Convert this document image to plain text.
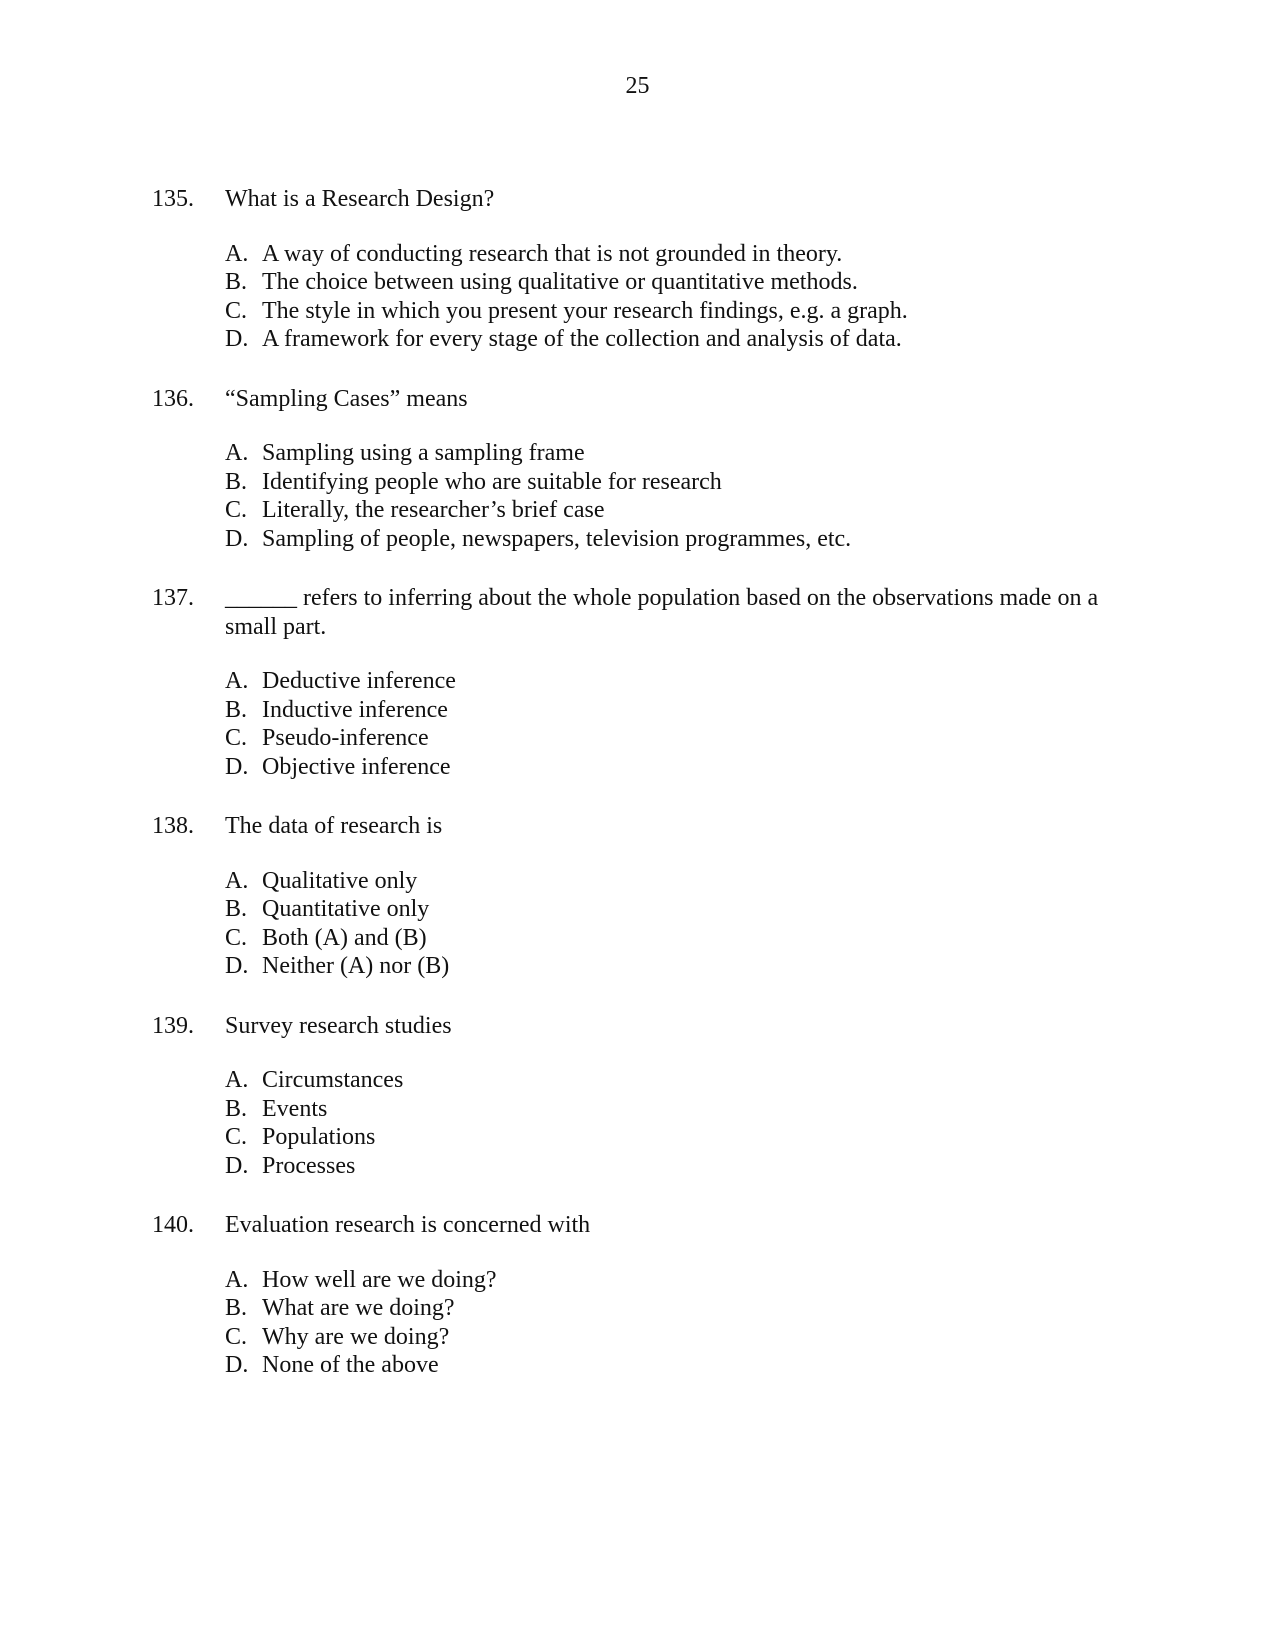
25
135.	What is a Research Design?
A. A way of conducting research that is not grounded in theory.
B. The choice between using qualitative or quantitative methods.
C. The style in which you present your research findings, e.g. a graph.
D. A framework for every stage of the collection and analysis of data.
136.	“Sampling Cases” means
A. Sampling using a sampling frame
B. Identifying people who are suitable for research
C. Literally, the researcher’s brief case
D. Sampling of people, newspapers, television programmes, etc.
137.	______ refers to inferring about the whole population based on the observations made on a small part.
A. Deductive inference
B. Inductive inference
C. Pseudo-inference
D. Objective inference
138.	The data of research is
A. Qualitative only
B. Quantitative only
C. Both (A) and (B)
D. Neither (A) nor (B)
139.	Survey research studies
A. Circumstances
B. Events
C. Populations
D. Processes
140.	Evaluation research is concerned with
A. How well are we doing?
B. What are we doing?
C. Why are we doing?
D. None of the above
